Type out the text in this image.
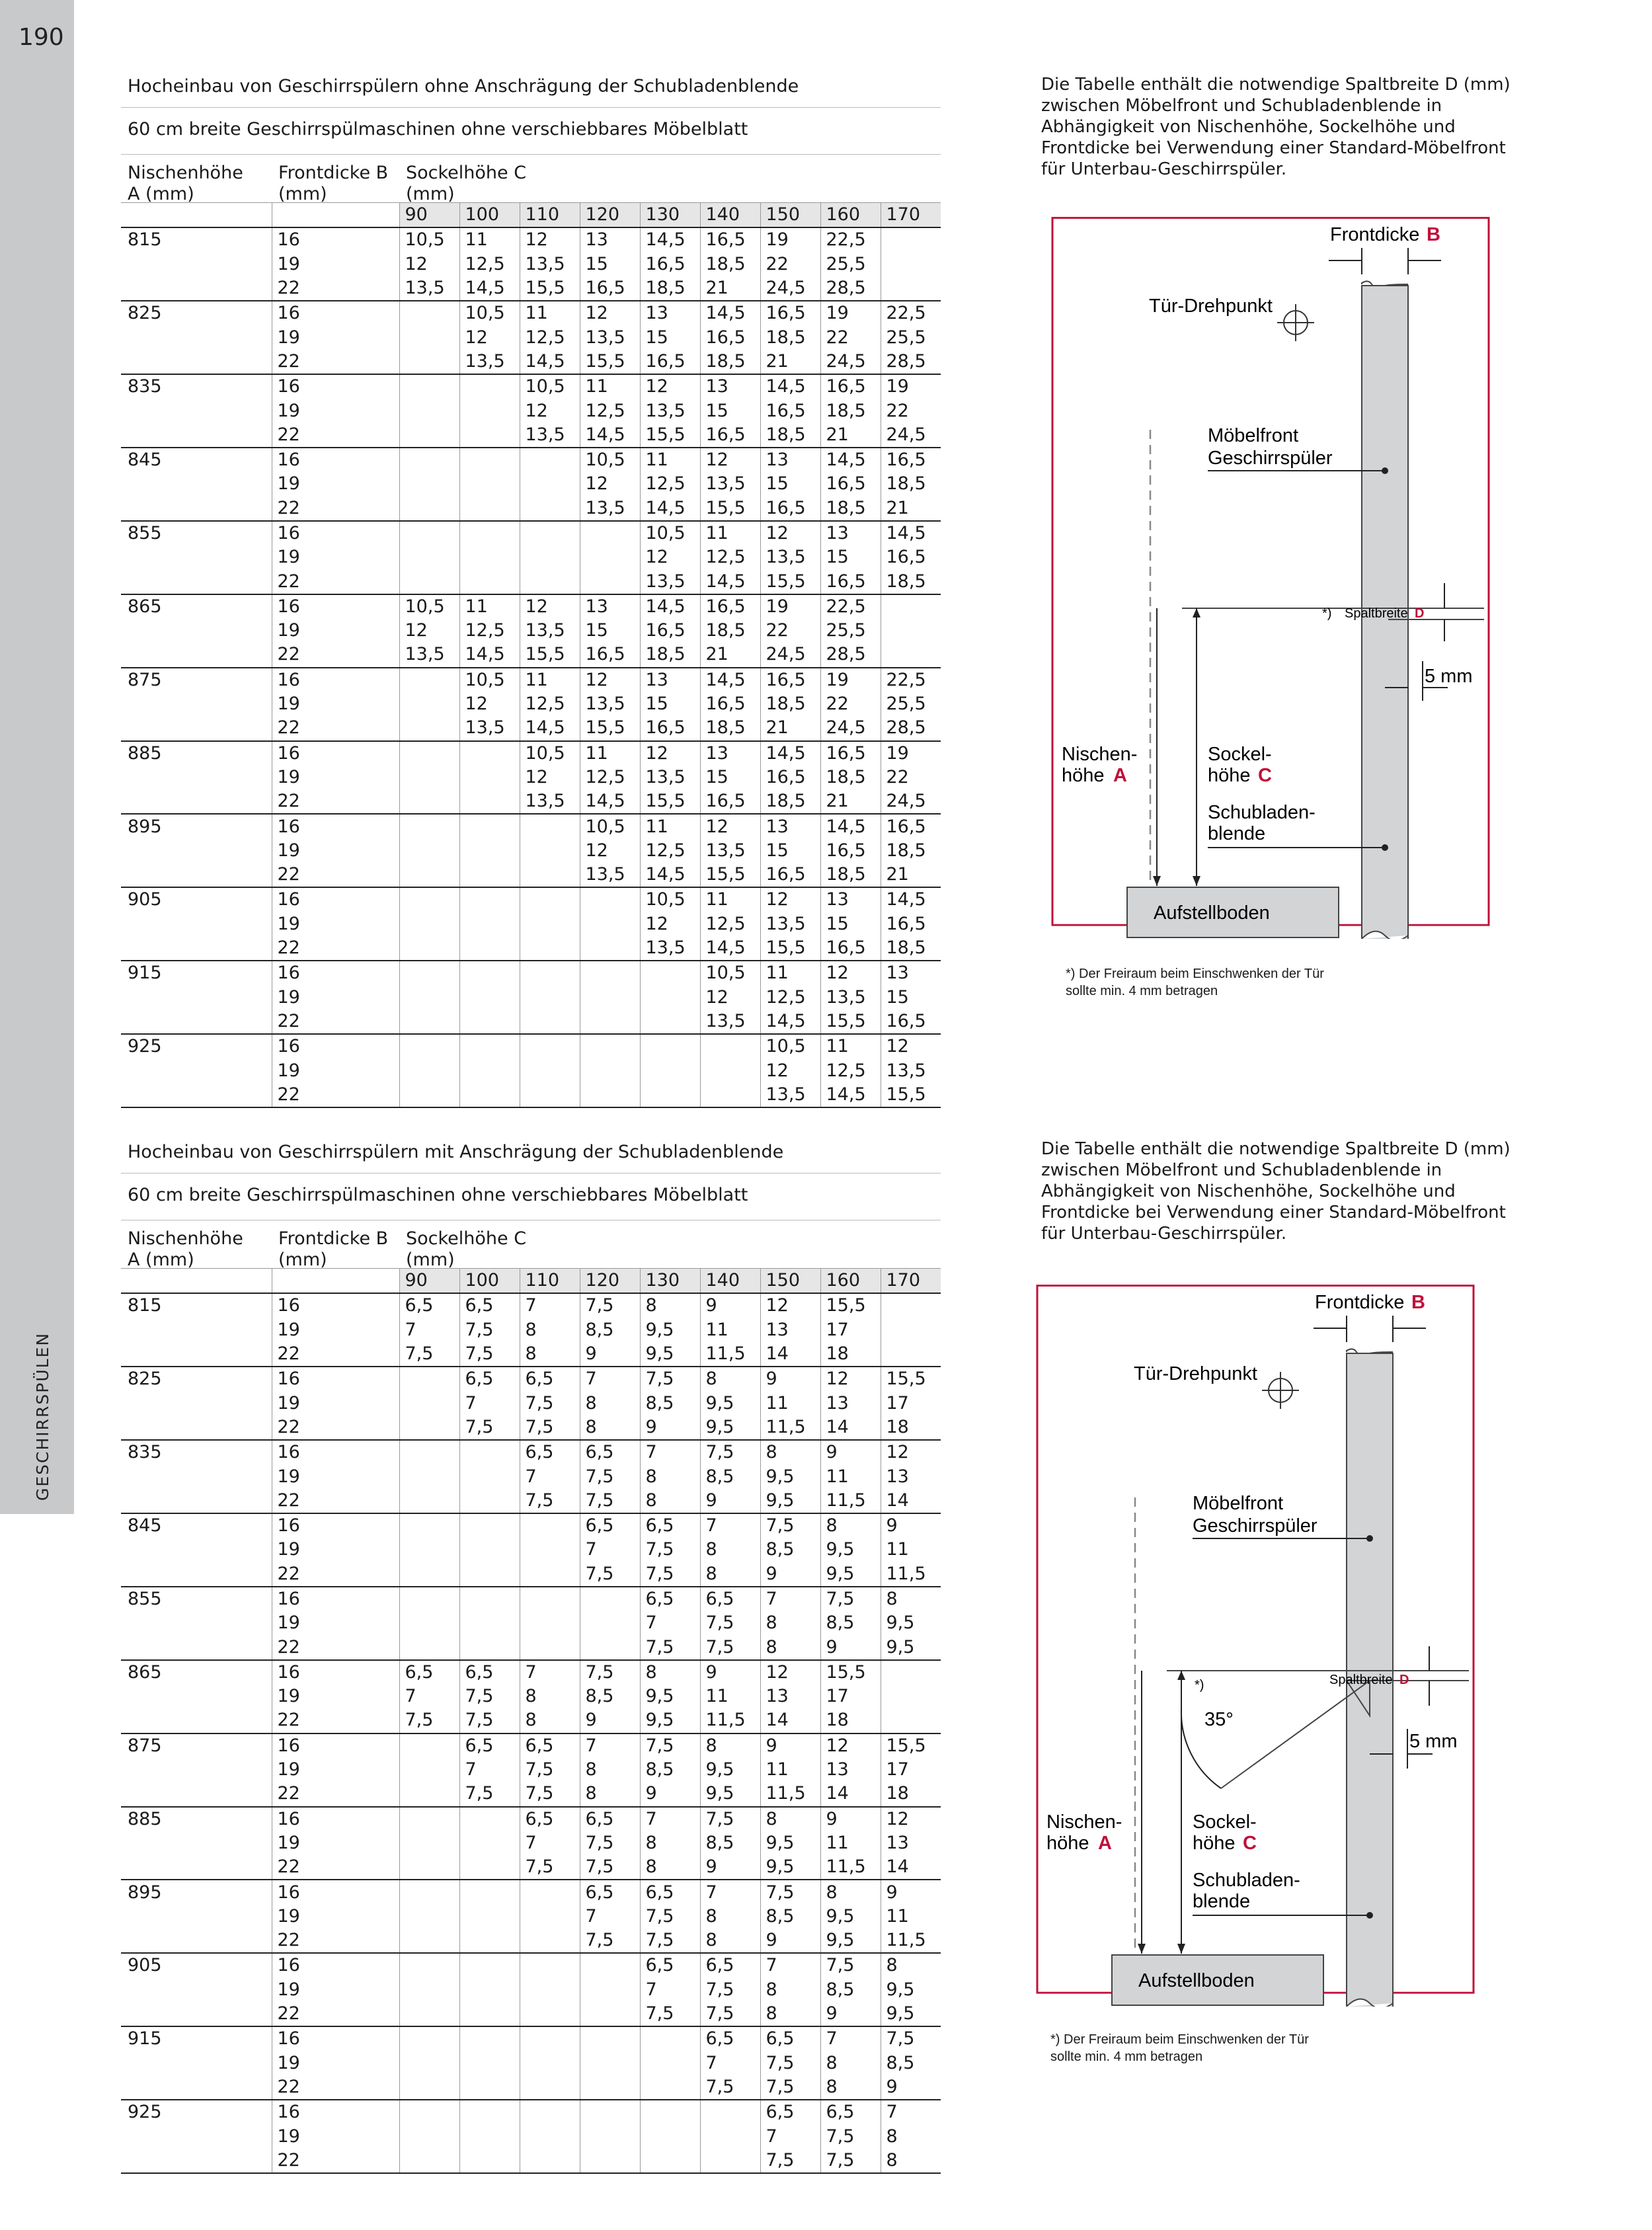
190
GESCHIRRSPÜLEN
Hocheinbau von Geschirrspülern ohne Anschrägung der Schubladenblende
60 cm breite Geschirrspülmaschinen ohne verschiebbares Möbelblatt
Nischenhöhe A (mm)
Frontdicke B (mm)
Sockelhöhe C (mm)
		90	100	110	120	130	140	150	160	170
815	16	10,5	11	12	13	14,5	16,5	19	22,5	
	19	12	12,5	13,5	15	16,5	18,5	22	25,5	
	22	13,5	14,5	15,5	16,5	18,5	21	24,5	28,5	
825	16		10,5	11	12	13	14,5	16,5	19	22,5
	19		12	12,5	13,5	15	16,5	18,5	22	25,5
	22		13,5	14,5	15,5	16,5	18,5	21	24,5	28,5
835	16			10,5	11	12	13	14,5	16,5	19
	19			12	12,5	13,5	15	16,5	18,5	22
	22			13,5	14,5	15,5	16,5	18,5	21	24,5
845	16				10,5	11	12	13	14,5	16,5
	19				12	12,5	13,5	15	16,5	18,5
	22				13,5	14,5	15,5	16,5	18,5	21
855	16					10,5	11	12	13	14,5
	19					12	12,5	13,5	15	16,5
	22					13,5	14,5	15,5	16,5	18,5
865	16	10,5	11	12	13	14,5	16,5	19	22,5	
	19	12	12,5	13,5	15	16,5	18,5	22	25,5	
	22	13,5	14,5	15,5	16,5	18,5	21	24,5	28,5	
875	16		10,5	11	12	13	14,5	16,5	19	22,5
	19		12	12,5	13,5	15	16,5	18,5	22	25,5
	22		13,5	14,5	15,5	16,5	18,5	21	24,5	28,5
885	16			10,5	11	12	13	14,5	16,5	19
	19			12	12,5	13,5	15	16,5	18,5	22
	22			13,5	14,5	15,5	16,5	18,5	21	24,5
895	16				10,5	11	12	13	14,5	16,5
	19				12	12,5	13,5	15	16,5	18,5
	22				13,5	14,5	15,5	16,5	18,5	21
905	16					10,5	11	12	13	14,5
	19					12	12,5	13,5	15	16,5
	22					13,5	14,5	15,5	16,5	18,5
915	16						10,5	11	12	13
	19						12	12,5	13,5	15
	22						13,5	14,5	15,5	16,5
925	16							10,5	11	12
	19							12	12,5	13,5
	22							13,5	14,5	15,5
Hocheinbau von Geschirrspülern mit Anschrägung der Schubladenblende
60 cm breite Geschirrspülmaschinen ohne verschiebbares Möbelblatt
Nischenhöhe A (mm)
Frontdicke B (mm)
Sockelhöhe C (mm)
		90	100	110	120	130	140	150	160	170
815	16	6,5	6,5	7	7,5	8	9	12	15,5	
	19	7	7,5	8	8,5	9,5	11	13	17	
	22	7,5	7,5	8	9	9,5	11,5	14	18	
825	16		6,5	6,5	7	7,5	8	9	12	15,5
	19		7	7,5	8	8,5	9,5	11	13	17
	22		7,5	7,5	8	9	9,5	11,5	14	18
835	16			6,5	6,5	7	7,5	8	9	12
	19			7	7,5	8	8,5	9,5	11	13
	22			7,5	7,5	8	9	9,5	11,5	14
845	16				6,5	6,5	7	7,5	8	9
	19				7	7,5	8	8,5	9,5	11
	22				7,5	7,5	8	9	9,5	11,5
855	16					6,5	6,5	7	7,5	8
	19					7	7,5	8	8,5	9,5
	22					7,5	7,5	8	9	9,5
865	16	6,5	6,5	7	7,5	8	9	12	15,5	
	19	7	7,5	8	8,5	9,5	11	13	17	
	22	7,5	7,5	8	9	9,5	11,5	14	18	
875	16		6,5	6,5	7	7,5	8	9	12	15,5
	19		7	7,5	8	8,5	9,5	11	13	17
	22		7,5	7,5	8	9	9,5	11,5	14	18
885	16			6,5	6,5	7	7,5	8	9	12
	19			7	7,5	8	8,5	9,5	11	13
	22			7,5	7,5	8	9	9,5	11,5	14
895	16				6,5	6,5	7	7,5	8	9
	19				7	7,5	8	8,5	9,5	11
	22				7,5	7,5	8	9	9,5	11,5
905	16					6,5	6,5	7	7,5	8
	19					7	7,5	8	8,5	9,5
	22					7,5	7,5	8	9	9,5
915	16						6,5	6,5	7	7,5
	19						7	7,5	8	8,5
	22						7,5	7,5	8	9
925	16							6,5	6,5	7
	19							7	7,5	8
	22							7,5	7,5	8
Die Tabelle enthält die notwendige Spaltbreite D (mm) zwischen Möbelfront und Schubladenblende in Abhängigkeit von Nischenhöhe, Sockelhöhe und Frontdicke bei Verwendung einer Standard-Möbelfront für Unterbau-Geschirrspüler.
Die Tabelle enthält die notwendige Spaltbreite D (mm) zwischen Möbelfront und Schubladenblende in Abhängigkeit von Nischenhöhe, Sockelhöhe und Frontdicke bei Verwendung einer Standard-Möbelfront für Unterbau-Geschirrspüler.
Frontdicke B
Tür-Drehpunkt
Möbelfront
Geschirrspüler
*) Spaltbreite D
5 mm
Nischen-
höhe A
Sockel-
höhe C
Schubladen-
blende
Aufstellboden
*) Der Freiraum beim Einschwenken der Tür
sollte min. 4 mm betragen
Frontdicke B
Tür-Drehpunkt
Möbelfront
Geschirrspüler
*)	Spaltbreite D
35°
5 mm
Nischen-
höhe A
Sockel-
höhe C
Schubladen-
blende
Aufstellboden
*) Der Freiraum beim Einschwenken der Tür
sollte min. 4 mm betragen
